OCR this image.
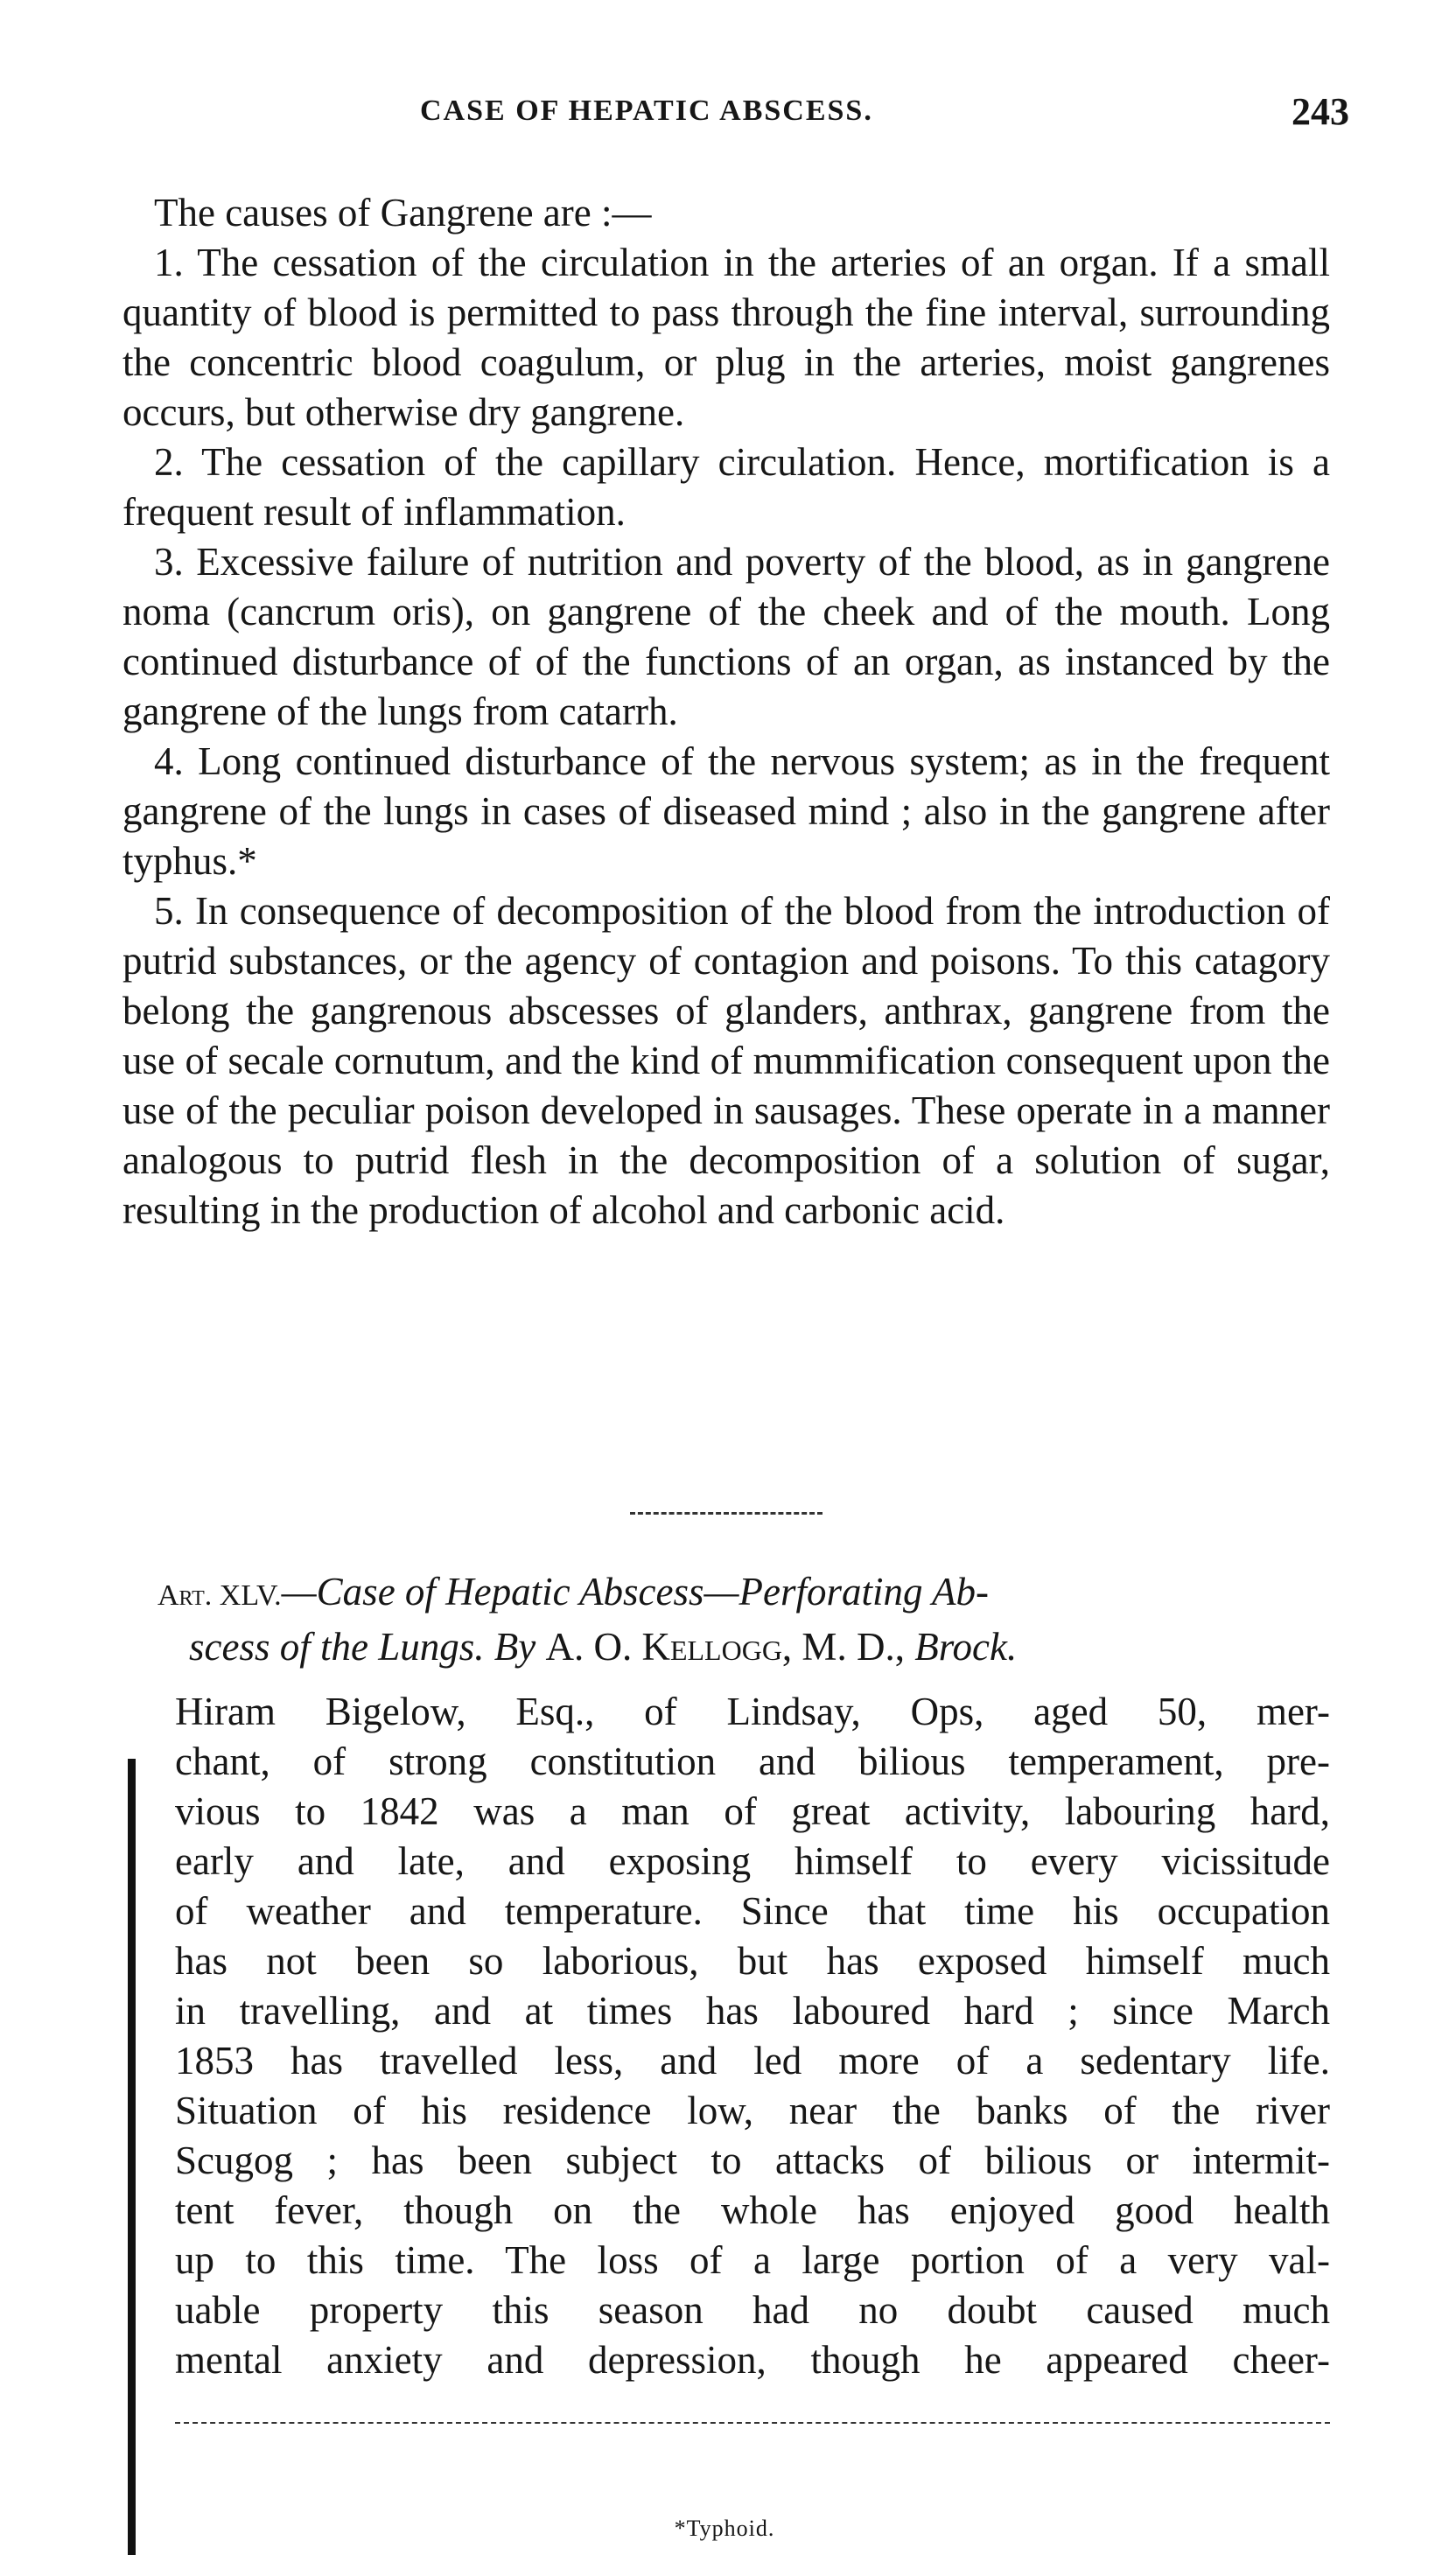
CASE OF HEPATIC ABSCESS.	243

The causes of Gangrene are :—

1. The cessation of the circulation in the arteries of an organ. If a small quantity of blood is permitted to pass through the fine interval, surrounding the concentric blood coagulum, or plug in the arteries, moist gangrenes occurs, but otherwise dry gangrene.

2. The cessation of the capillary circulation. Hence, mortification is a frequent result of inflammation.

3. Excessive failure of nutrition and poverty of the blood, as in gangrene noma (cancrum oris), on gangrene of the cheek and of the mouth. Long continued disturbance of of the functions of an organ, as instanced by the gangrene of the lungs from catarrh.

4. Long continued disturbance of the nervous system; as in the frequent gangrene of the lungs in cases of diseased mind ; also in the gangrene after typhus.*

5. In consequence of decomposition of the blood from the introduction of putrid substances, or the agency of contagion and poisons. To this catagory belong the gangrenous abscesses of glanders, anthrax, gangrene from the use of secale cornutum, and the kind of mummification consequent upon the use of the peculiar poison developed in sausages. These operate in a manner analogous to putrid flesh in the decomposition of a solution of sugar, resulting in the production of alcohol and carbonic acid.

Art. XLV.—Case of Hepatic Abscess—Perforating Ab-
scess of the Lungs. By A. O. Kellogg, M. D., Brock.
Hiram Bigelow, Esq., of Lindsay, Ops, aged 50, mer-
chant, of strong constitution and bilious temperament, pre-
vious to 1842 was a man of great activity, labouring hard,
early and late, and exposing himself to every vicissitude
of weather and temperature. Since that time his occupation
has not been so laborious, but has exposed himself much
in travelling, and at times has laboured hard ; since March
1853 has travelled less, and led more of a sedentary life.
Situation of his residence low, near the banks of the river
Scugog ; has been subject to attacks of bilious or intermit-
tent fever, though on the whole has enjoyed good health
up to this time. The loss of a large portion of a very val-
uable property this season had no doubt caused much
mental anxiety and depression, though he appeared cheer-
*Typhoid.
